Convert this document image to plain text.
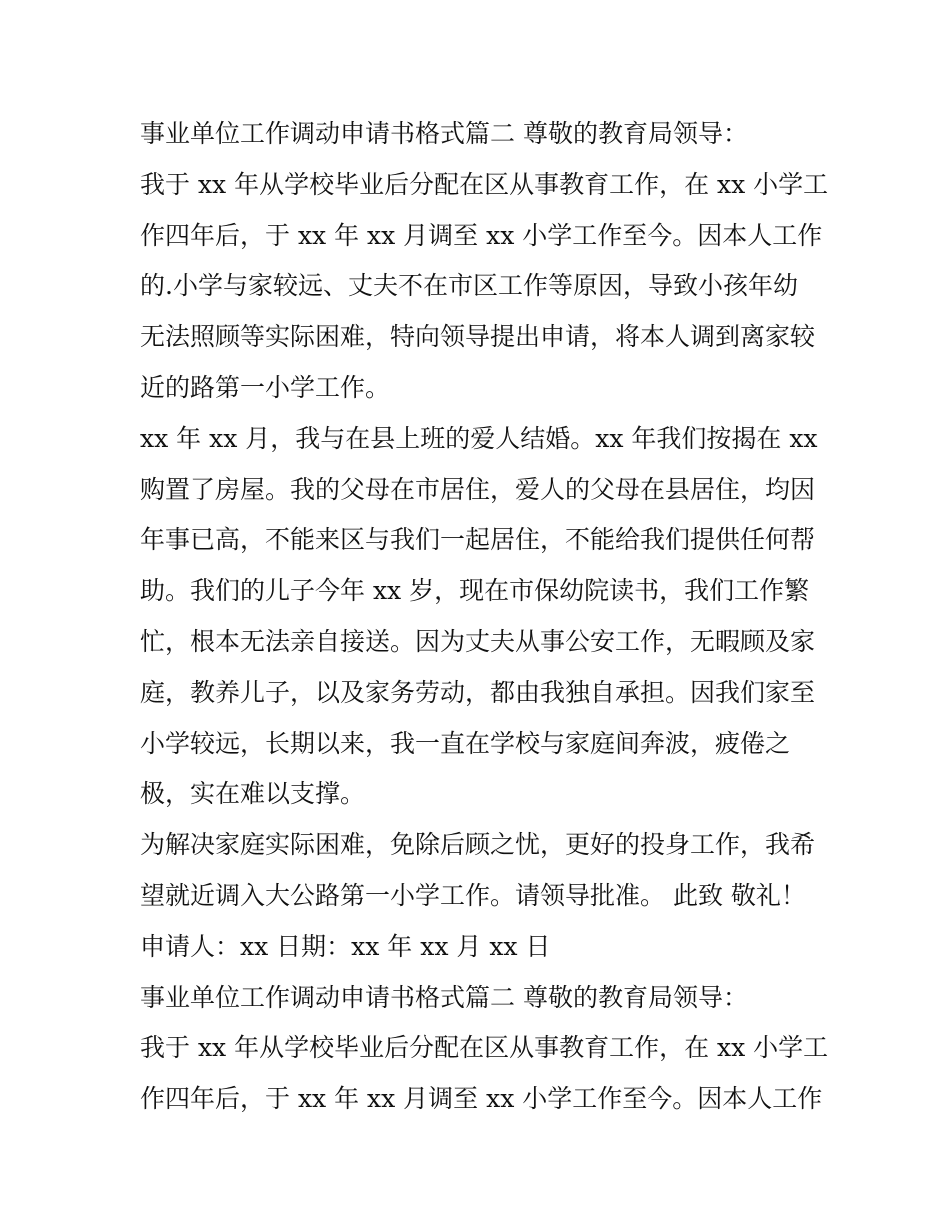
事业单位工作调动申请书格式篇二 尊敬的教育局领导：
我于 xx 年从学校毕业后分配在区从事教育工作，在 xx 小学工
作四年后，于 xx 年 xx 月调至 xx 小学工作至今。因本人工作
的.小学与家较远、丈夫不在市区工作等原因，导致小孩年幼
无法照顾等实际困难，特向领导提出申请，将本人调到离家较
近的路第一小学工作。
xx 年 xx 月，我与在县上班的爱人结婚。xx 年我们按揭在 xx
购置了房屋。我的父母在市居住，爱人的父母在县居住，均因
年事已高，不能来区与我们一起居住，不能给我们提供任何帮
助。我们的儿子今年 xx 岁，现在市保幼院读书，我们工作繁
忙，根本无法亲自接送。因为丈夫从事公安工作，无暇顾及家
庭，教养儿子，以及家务劳动，都由我独自承担。因我们家至
小学较远，长期以来，我一直在学校与家庭间奔波，疲倦之
极，实在难以支撑。
为解决家庭实际困难，免除后顾之忧，更好的投身工作，我希
望就近调入大公路第一小学工作。请领导批准。 此致 敬礼！
申请人：xx 日期：xx 年 xx 月 xx 日
事业单位工作调动申请书格式篇二 尊敬的教育局领导：
我于 xx 年从学校毕业后分配在区从事教育工作，在 xx 小学工
作四年后，于 xx 年 xx 月调至 xx 小学工作至今。因本人工作
